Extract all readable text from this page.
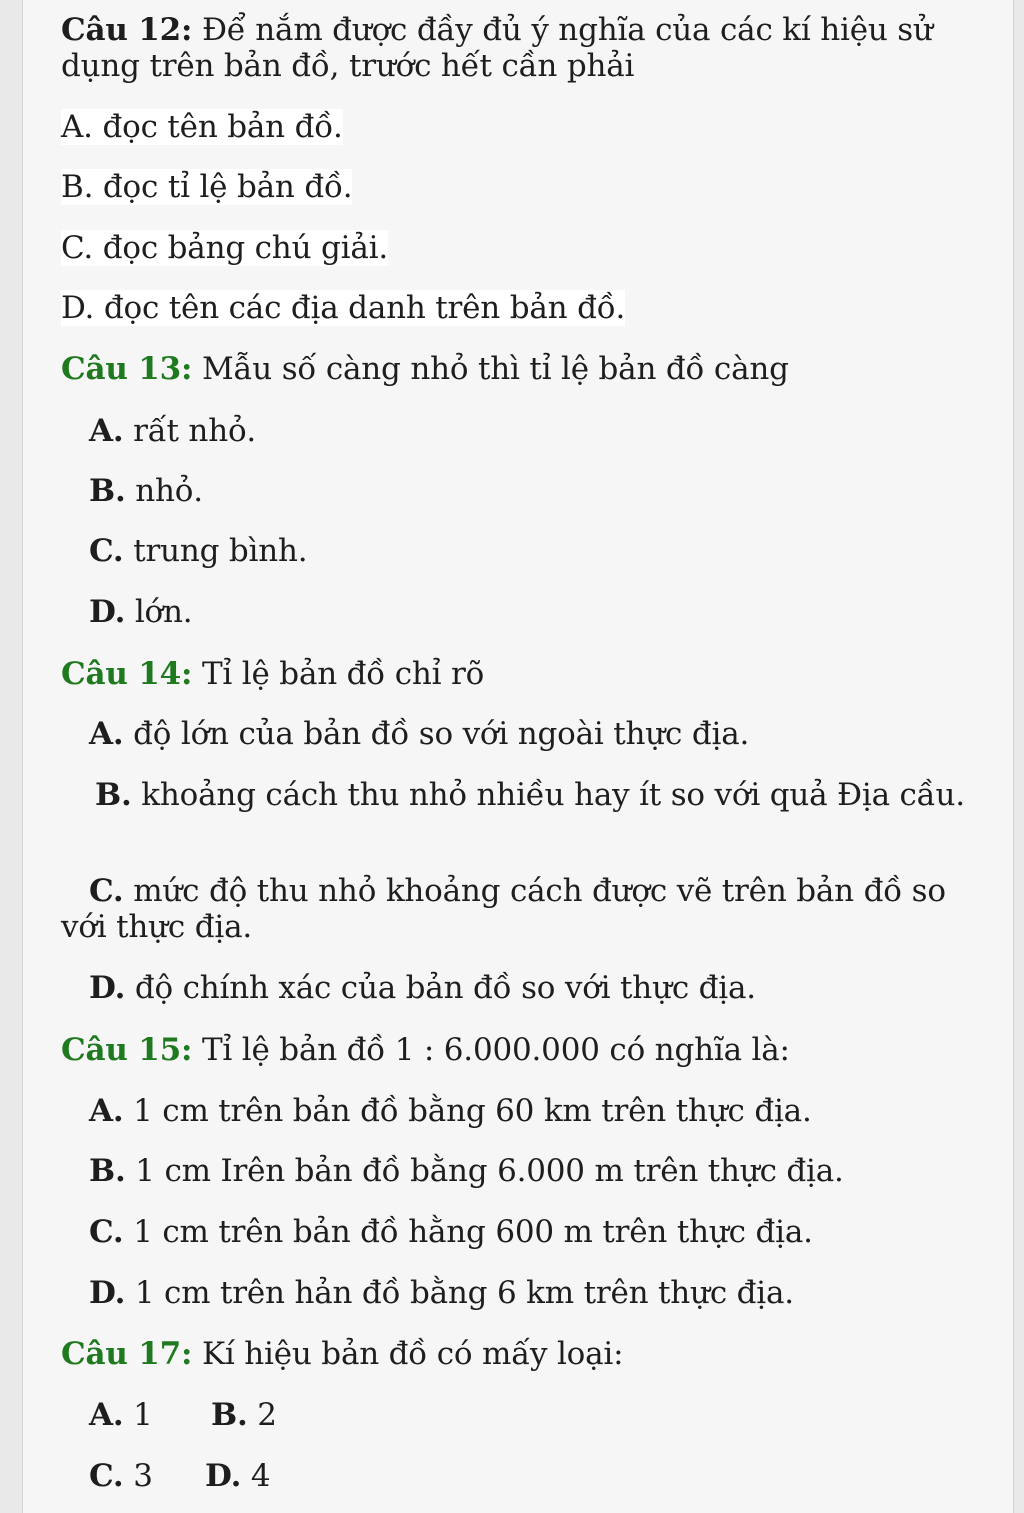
Câu 12: Để nắm được đầy đủ ý nghĩa của các kí hiệu sử dụng trên bản đồ, trước hết cần phải
A. đọc tên bản đồ.
B. đọc tỉ lệ bản đồ.
C. đọc bảng chú giải.
D. đọc tên các địa danh trên bản đồ.
Câu 13: Mẫu số càng nhỏ thì tỉ lệ bản đồ càng
A. rất nhỏ.
B. nhỏ.
C. trung bình.
D. lớn.
Câu 14: Tỉ lệ bản đồ chỉ rõ
A. độ lớn của bản đồ so với ngoài thực địa.
B. khoảng cách thu nhỏ nhiều hay ít so với quả Địa cầu.
C. mức độ thu nhỏ khoảng cách được vẽ trên bản đồ so với thực địa.
D. độ chính xác của bản đồ so với thực địa.
Câu 15: Tỉ lệ bản đồ 1 : 6.000.000 có nghĩa là:
A. 1 cm trên bản đồ bằng 60 km trên thực địa.
B. 1 cm Irên bản đồ bằng 6.000 m trên thực địa.
C. 1 cm trên bản đồ hằng 600 m trên thực địa.
D. 1 cm trên hản đồ bằng 6 km trên thực địa.
Câu 17: Kí hiệu bản đồ có mấy loại:
A. 1 B. 2
C. 3 D. 4
